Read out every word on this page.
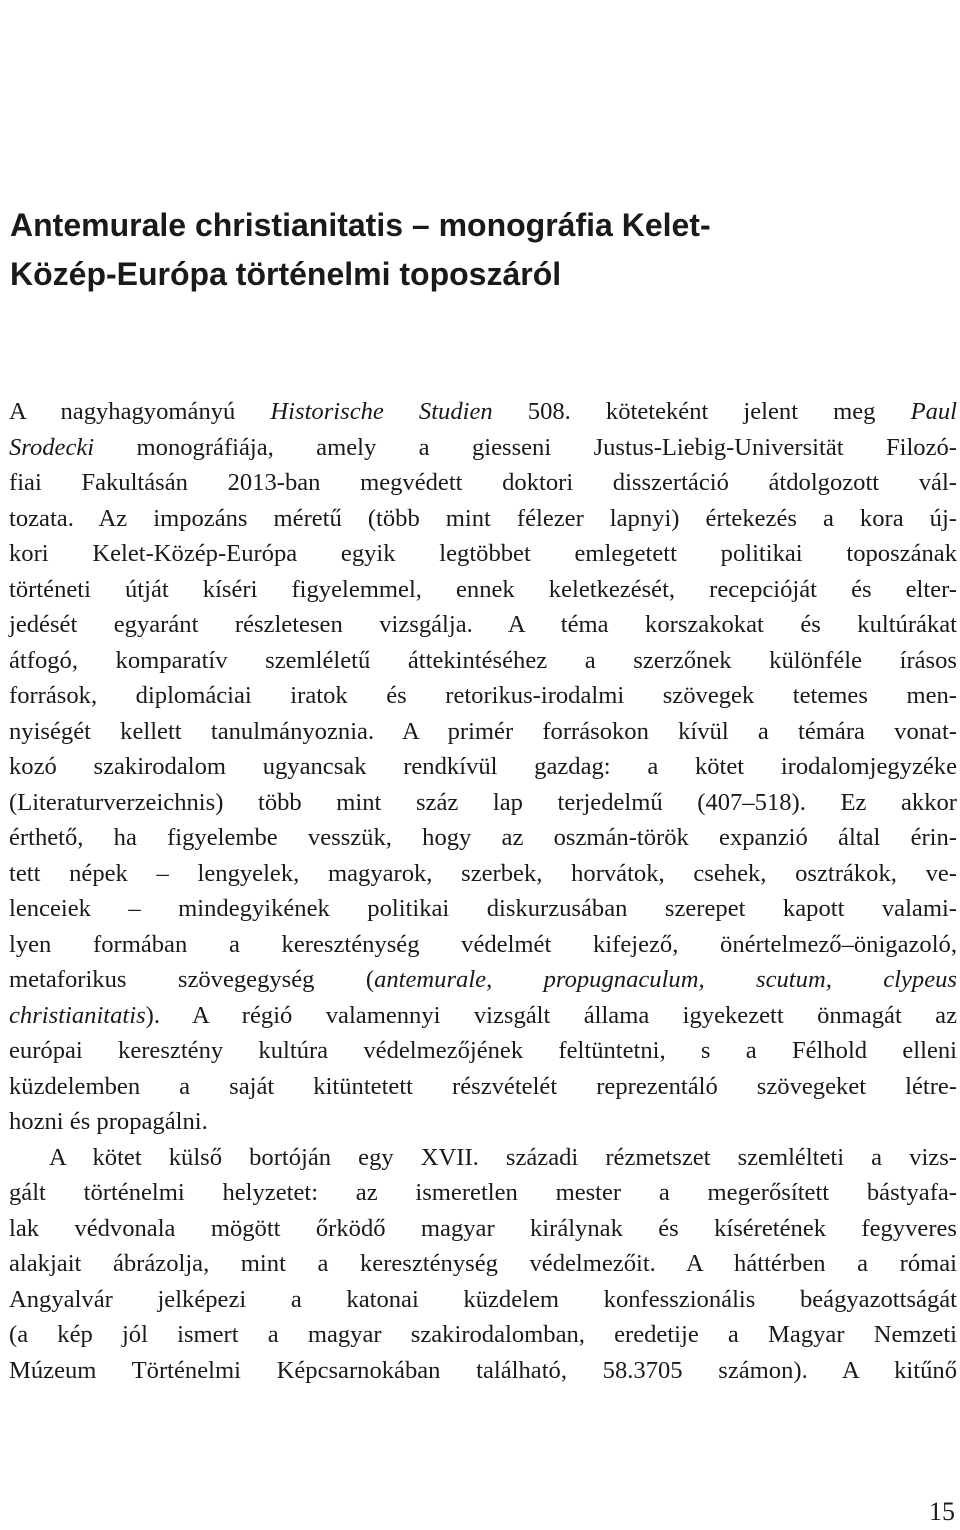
Antemurale christianitatis – monográfia Kelet-
Közép-Európa történelmi toposzáról
A nagyhagyományú Historische Studien 508. köteteként jelent meg Paul
Srodecki monográfiája, amely a giesseni Justus-Liebig-Universität Filozó-
fiai Fakultásán 2013-ban megvédett doktori disszertáció átdolgozott vál-
tozata. Az impozáns méretű (több mint félezer lapnyi) értekezés a kora új-
kori Kelet-Közép-Európa egyik legtöbbet emlegetett politikai toposzának
történeti útját kíséri figyelemmel, ennek keletkezését, recepcióját és elter-
jedését egyaránt részletesen vizsgálja. A téma korszakokat és kultúrákat
átfogó, komparatív szemléletű áttekintéséhez a szerzőnek különféle írásos
források, diplomáciai iratok és retorikus-irodalmi szövegek tetemes men-
nyiségét kellett tanulmányoznia. A primér forrásokon kívül a témára vonat-
kozó szakirodalom ugyancsak rendkívül gazdag: a kötet irodalomjegyzéke
(Literaturverzeichnis) több mint száz lap terjedelmű (407–518). Ez akkor
érthető, ha figyelembe vesszük, hogy az oszmán-török expanzió által érin-
tett népek – lengyelek, magyarok, szerbek, horvátok, csehek, osztrákok, ve-
lenceiek – mindegyikének politikai diskurzusában szerepet kapott valami-
lyen formában a kereszténység védelmét kifejező, önértelmező–önigazoló,
metaforikus szövegegység (antemurale, propugnaculum, scutum, clypeus
christianitatis). A régió valamennyi vizsgált állama igyekezett önmagát az
európai keresztény kultúra védelmezőjének feltüntetni, s a Félhold elleni
küzdelemben a saját kitüntetett részvételét reprezentáló szövegeket létre-
hozni és propagálni.
A kötet külső bortóján egy XVII. századi rézmetszet szemlélteti a vizs-
gált történelmi helyzetet: az ismeretlen mester a megerősített bástyafa-
lak védvonala mögött őrködő magyar királynak és kíséretének fegyveres
alakjait ábrázolja, mint a kereszténység védelmezőit. A háttérben a római
Angyalvár jelképezi a katonai küzdelem konfesszionális beágyazottságát
(a kép jól ismert a magyar szakirodalomban, eredetije a Magyar Nemzeti
Múzeum Történelmi Képcsarnokában található, 58.3705 számon). A kitűnő
15
